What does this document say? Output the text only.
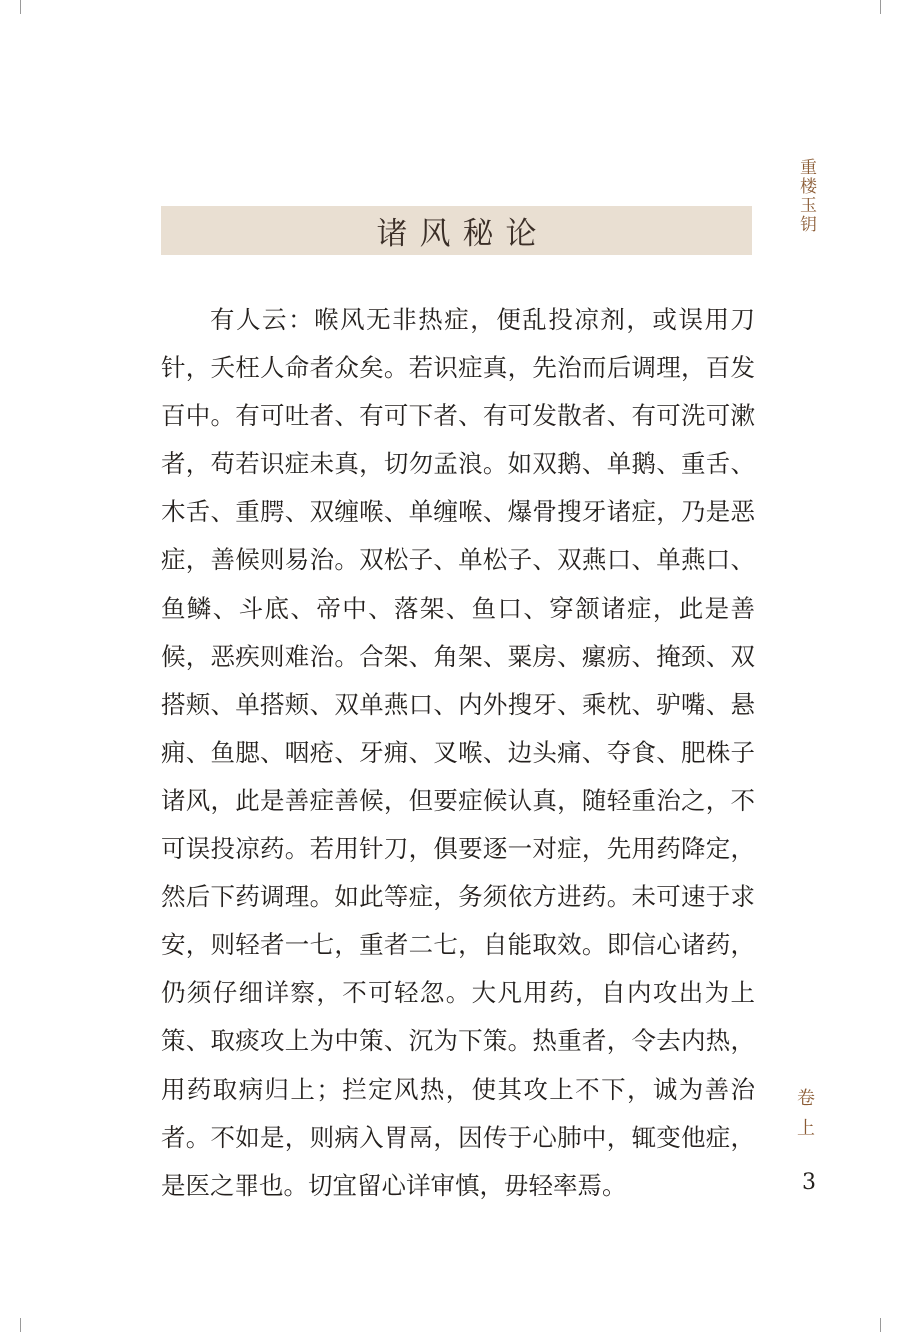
重楼玉钥
诸风秘论

有人云：喉风无非热症，便乱投凉剂，或误用刀针，夭枉人命者众矣。若识症真，先治而后调理，百发百中。有可吐者、有可下者、有可发散者、有可洗可漱者，苟若识症未真，切勿孟浪。如双鹅、单鹅、重舌、木舌、重腭、双缠喉、单缠喉、爆骨搜牙诸症，乃是恶症，善候则易治。双松子、单松子、双燕口、单燕口、鱼鳞、斗底、帝中、落架、鱼口、穿颔诸症，此是善候，恶疾则难治。合架、角架、粟房、瘰疬、掩颈、双搭颊、单搭颊、双单燕口、内外搜牙、乘枕、驴嘴、悬痈、鱼腮、咽疮、牙痈、叉喉、边头痛、夺食、肥株子诸风，此是善症善候，但要症候认真，随轻重治之，不可误投凉药。若用针刀，俱要逐一对症，先用药降定，然后下药调理。如此等症，务须依方进药。未可速于求安，则轻者一七，重者二七，自能取效。即信心诸药，仍须仔细详察，不可轻忽。大凡用药，自内攻出为上策、取痰攻上为中策、沉为下策。热重者，令去内热，用药取病归上；拦定风热，使其攻上不下，诚为善治者。不如是，则病入胃鬲，因传于心肺中，辄变他症，是医之罪也。切宜留心详审慎，毋轻率焉。

卷上
3
